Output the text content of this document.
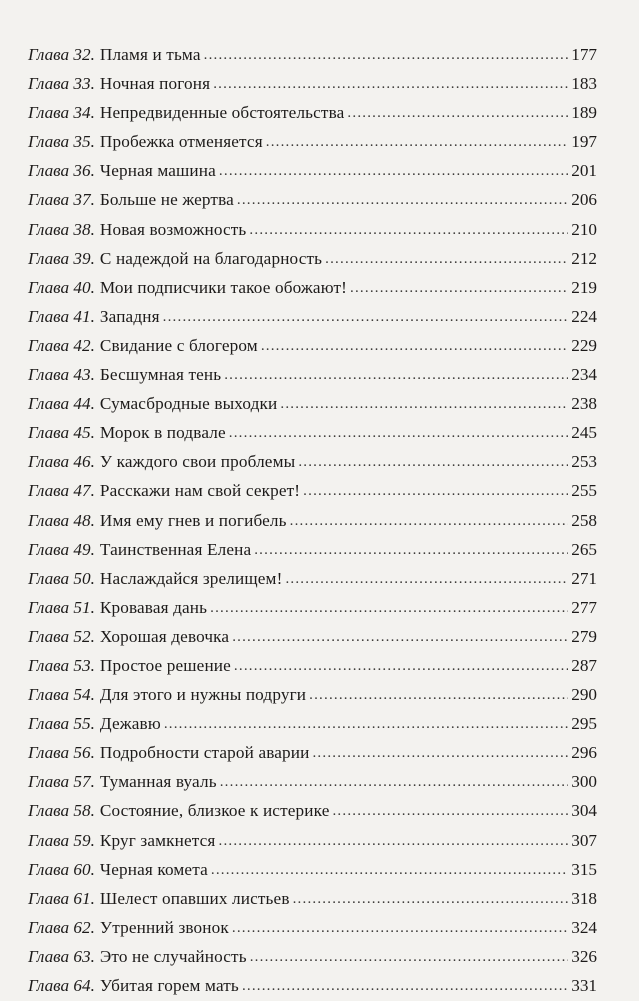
Глава 32. Пламя и тьма .....	177
Глава 33. Ночная погоня .....	183
Глава 34. Непредвиденные обстоятельства .....	189
Глава 35. Пробежка отменяется .....	197
Глава 36. Черная машина .....	201
Глава 37. Больше не жертва .....	206
Глава 38. Новая возможность .....	210
Глава 39. С надеждой на благодарность .....	212
Глава 40. Мои подписчики такое обожают! .....	219
Глава 41. Западня .....	224
Глава 42. Свидание с блогером .....	229
Глава 43. Бесшумная тень .....	234
Глава 44. Сумасбродные выходки .....	238
Глава 45. Морок в подвале .....	245
Глава 46. У каждого свои проблемы .....	253
Глава 47. Расскажи нам свой секрет! .....	255
Глава 48. Имя ему гнев и погибель .....	258
Глава 49. Таинственная Елена .....	265
Глава 50. Наслаждайся зрелищем! .....	271
Глава 51. Кровавая дань .....	277
Глава 52. Хорошая девочка .....	279
Глава 53. Простое решение .....	287
Глава 54. Для этого и нужны подруги .....	290
Глава 55. Дежавю .....	295
Глава 56. Подробности старой аварии .....	296
Глава 57. Туманная вуаль .....	300
Глава 58. Состояние, близкое к истерике .....	304
Глава 59. Круг замкнется .....	307
Глава 60. Черная комета .....	315
Глава 61. Шелест опавших листьев .....	318
Глава 62. Утренний звонок .....	324
Глава 63. Это не случайность .....	326
Глава 64. Убитая горем мать .....	331
